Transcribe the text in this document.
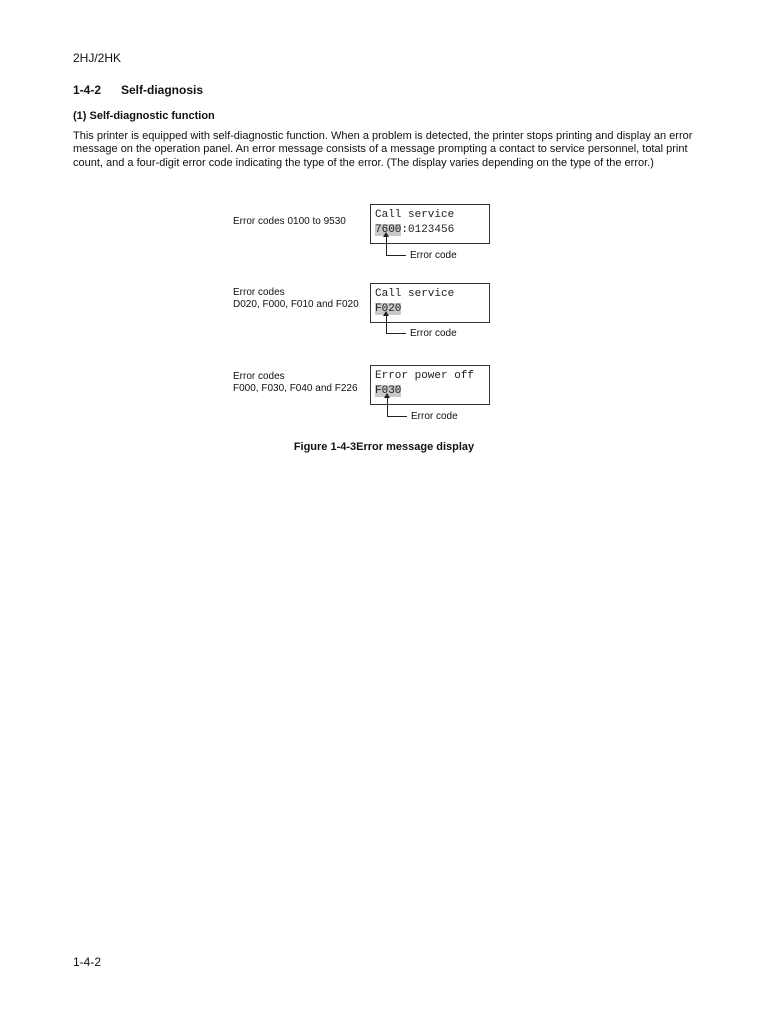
2HJ/2HK
1-4-2 Self-diagnosis
(1) Self-diagnostic function

This printer is equipped with self-diagnostic function. When a problem is detected, the printer stops printing and display an error message on the operation panel. An error message consists of a message prompting a contact to service personnel, total print count, and a four-digit error code indicating the type of the error. (The display varies depending on the type of the error.)

Error codes 0100 to 9530
Call service
7600:0123456
Error code
Error codes
D020, F000, F010 and F020
Call service
F020
Error code
Error codes
F000, F030, F040 and F226
Error power off
F030
Error code
Figure 1-4-3Error message display
1-4-2
